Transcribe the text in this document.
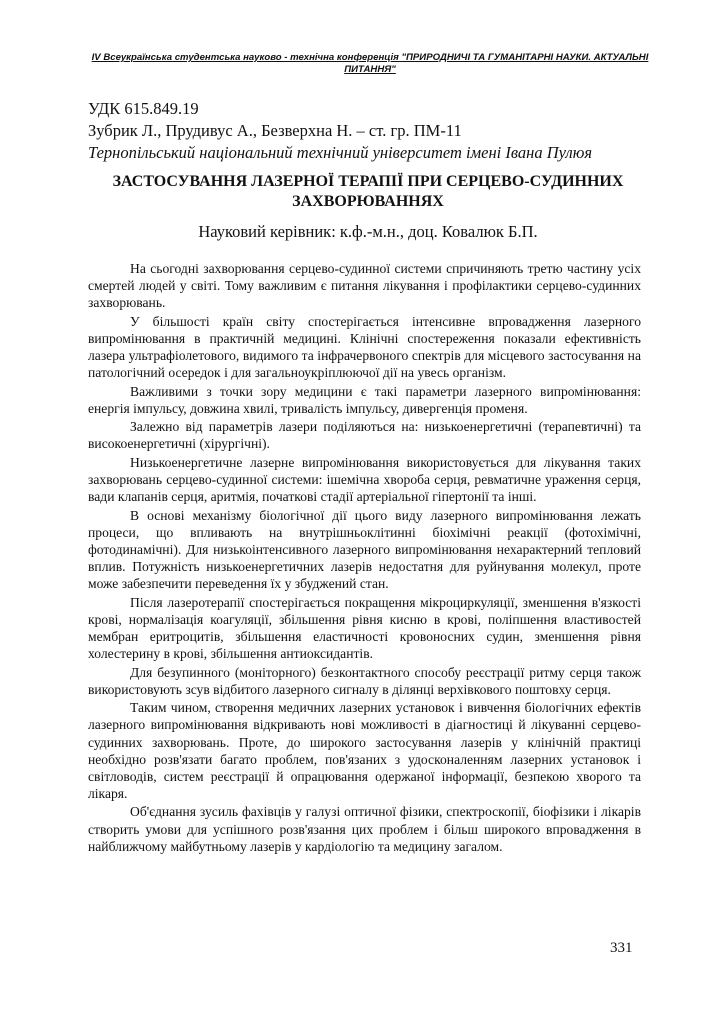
IV Всеукраїнська студентська науково - технічна конференція "ПРИРОДНИЧІ ТА ГУМАНІТАРНІ НАУКИ. АКТУАЛЬНІ ПИТАННЯ"
УДК 615.849.19
Зубрик Л., Прудивус А., Безверхна Н. – ст. гр. ПМ-11
Тернопільський національний технічний університет імені Івана Пулюя
ЗАСТОСУВАННЯ ЛАЗЕРНОЇ ТЕРАПІЇ ПРИ СЕРЦЕВО-СУДИННИХ ЗАХВОРЮВАННЯХ
Науковий керівник: к.ф.-м.н., доц. Ковалюк Б.П.

На сьогодні захворювання серцево-судинної системи спричиняють третю частину усіх смертей людей у світі. Тому важливим є питання лікування і профілактики серцево-судинних захворювань.

У більшості країн світу спостерігається інтенсивне впровадження лазерного випромінювання в практичній медицині. Клінічні спостереження показали ефективність лазера ультрафіолетового, видимого та інфрачервоного спектрів для місцевого застосування на патологічний осередок і для загальноукріплюючої дії на увесь організм.

Важливими з точки зору медицини є такі параметри лазерного випромінювання: енергія імпульсу, довжина хвилі, тривалість імпульсу, дивергенція променя.

Залежно від параметрів лазери поділяються на: низькоенергетичні (терапевтичні) та високоенергетичні (хірургічні).

Низькоенергетичне лазерне випромінювання використовується для лікування таких захворювань серцево-судинної системи: ішемічна хвороба серця, ревматичне ураження серця, вади клапанів серця, аритмія, початкові стадії артеріальної гіпертонії та інші.

В основі механізму біологічної дії цього виду лазерного випромінювання лежать процеси, що впливають на внутрішньоклітинні біохімічні реакції (фотохімічні, фотодинамічні). Для низькоінтенсивного лазерного випромінювання нехарактерний тепловий вплив. Потужність низькоенергетичних лазерів недостатня для руйнування молекул, проте може забезпечити переведення їх у збуджений стан.

Після лазеротерапії спостерігається покращення мікроциркуляції, зменшення в'язкості крові, нормалізація коагуляції, збільшення рівня кисню в крові, поліпшення властивостей мембран еритроцитів, збільшення еластичності кровоносних судин, зменшення рівня холестерину в крові, збільшення антиоксидантів.

Для безупинного (моніторного) безконтактного способу реєстрації ритму серця також використовують зсув відбитого лазерного сигналу в ділянці верхівкового поштовху серця.

Таким чином, створення медичних лазерних установок і вивчення біологічних ефектів лазерного випромінювання відкривають нові можливості в діагностиці й лікуванні серцево-судинних захворювань. Проте, до широкого застосування лазерів у клінічній практиці необхідно розв'язати багато проблем, пов'язаних з удосконаленням лазерних установок і світловодів, систем реєстрації й опрацювання одержаної інформації, безпекою хворого та лікаря.

Об'єднання зусиль фахівців у галузі оптичної фізики, спектроскопії, біофізики і лікарів створить умови для успішного розв'язання цих проблем і більш широкого впровадження в найближчому майбутньому лазерів у кардіологію та медицину загалом.

331
